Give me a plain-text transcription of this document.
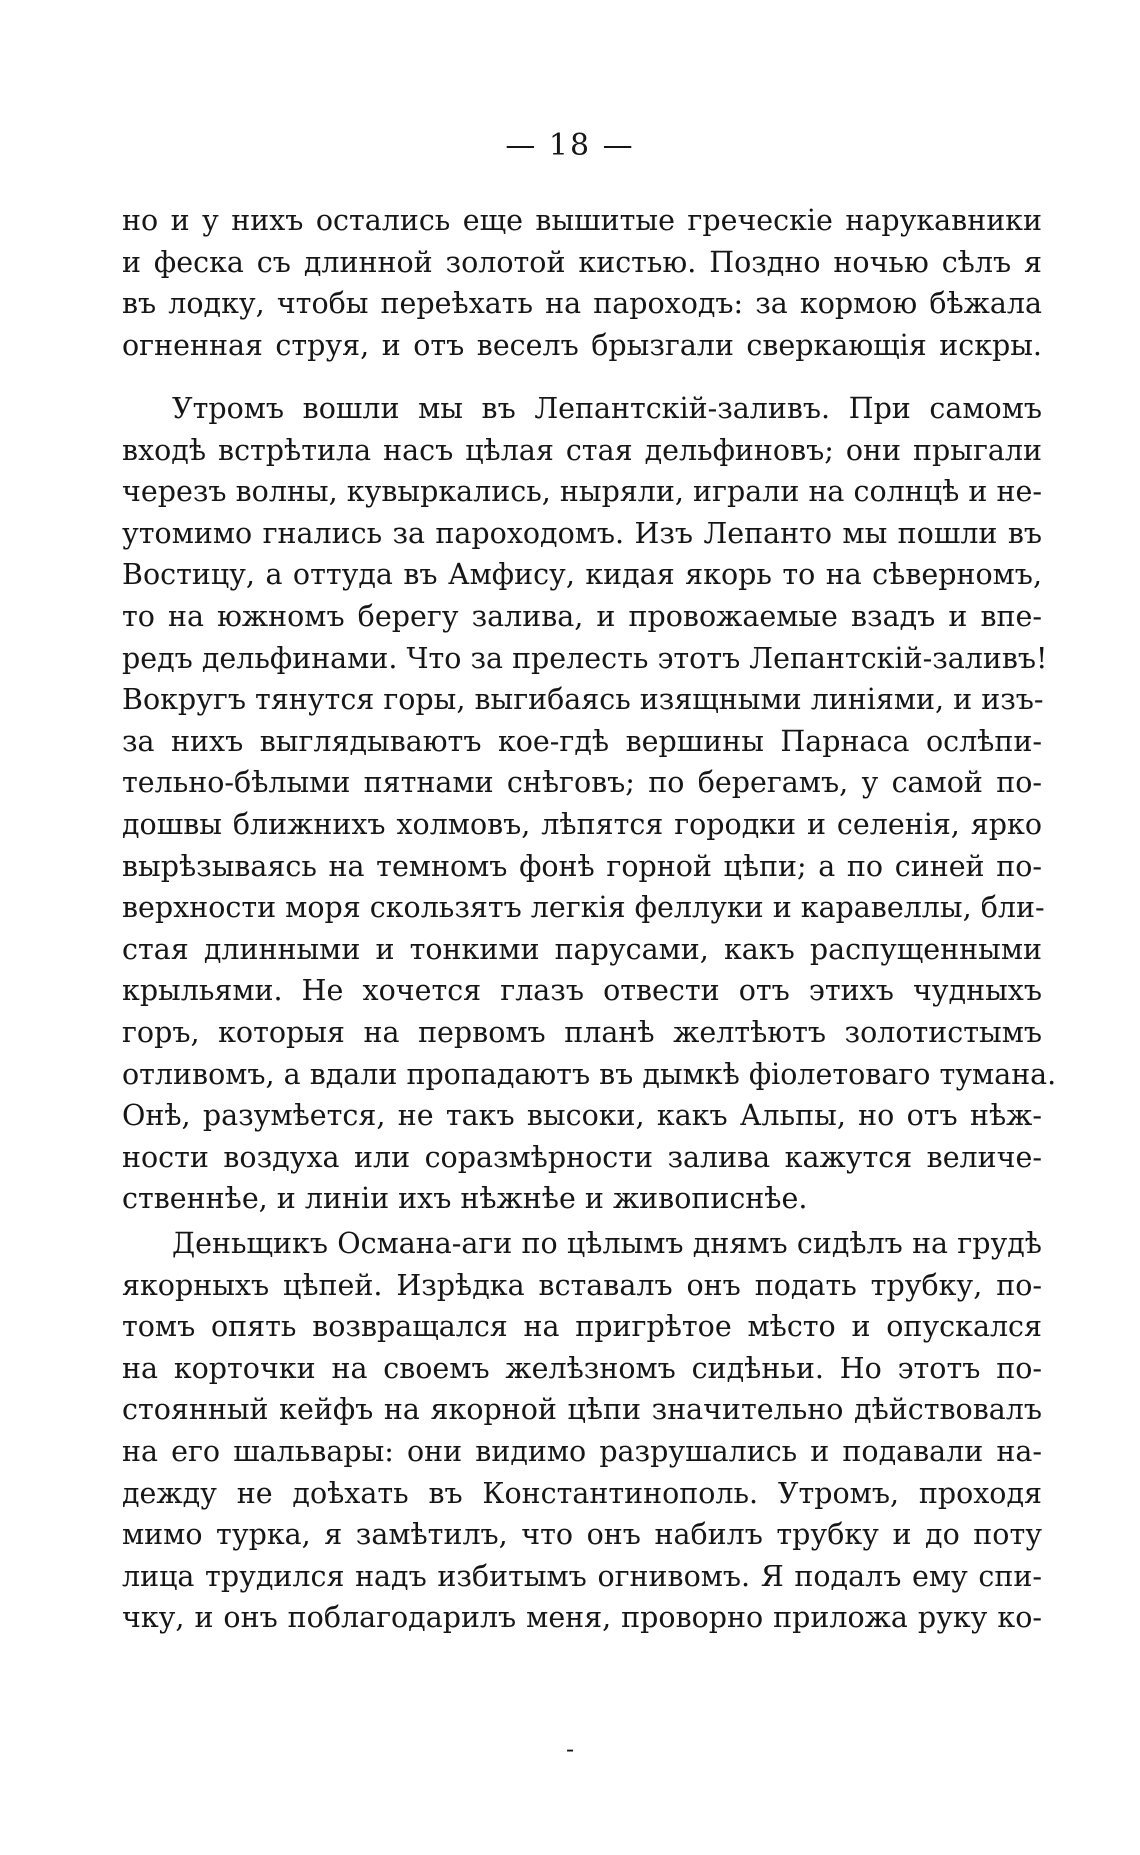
— 18 —
но и у нихъ остались еще вышитые греческіе нарукавники
и феска съ длинной золотой кистью. Поздно ночью сѣлъ я
въ лодку, чтобы переѣхать на пароходъ: за кормою бѣжала
огненная струя, и отъ веселъ брызгали сверкающія искры.
Утромъ вошли мы въ Лепантскій-заливъ. При самомъ
входѣ встрѣтила насъ цѣлая стая дельфиновъ; они прыгали
черезъ волны, кувыркались, ныряли, играли на солнцѣ и не-
утомимо гнались за пароходомъ. Изъ Лепанто мы пошли въ
Востицу, а оттуда въ Амфису, кидая якорь то на сѣверномъ,
то на южномъ берегу залива, и провожаемые взадъ и впе-
редъ дельфинами. Что за прелесть этотъ Лепантскій-заливъ!
Вокругъ тянутся горы, выгибаясь изящными линіями, и изъ-
за нихъ выглядываютъ кое-гдѣ вершины Парнаса ослѣпи-
тельно-бѣлыми пятнами снѣговъ; по берегамъ, у самой по-
дошвы ближнихъ холмовъ, лѣпятся городки и селенія, ярко
вырѣзываясь на темномъ фонѣ горной цѣпи; а по синей по-
верхности моря скользятъ легкія феллуки и каравеллы, бли-
стая длинными и тонкими парусами, какъ распущенными
крыльями. Не хочется глазъ отвести отъ этихъ чудныхъ
горъ, которыя на первомъ планѣ желтѣютъ золотистымъ
отливомъ, а вдали пропадаютъ въ дымкѣ фіолетоваго тумана.
Онѣ, разумѣется, не такъ высоки, какъ Альпы, но отъ нѣж-
ности воздуха или соразмѣрности залива кажутся величе-
ственнѣе, и линіи ихъ нѣжнѣе и живописнѣе.
Деньщикъ Османа-аги по цѣлымъ днямъ сидѣлъ на грудѣ
якорныхъ цѣпей. Изрѣдка вставалъ онъ подать трубку, по-
томъ опять возвращался на пригрѣтое мѣсто и опускался
на корточки на своемъ желѣзномъ сидѣньи. Но этотъ по-
стоянный кейфъ на якорной цѣпи значительно дѣйствовалъ
на его шальвары: они видимо разрушались и подавали на-
дежду не доѣхать въ Константинополь. Утромъ, проходя
мимо турка, я замѣтилъ, что онъ набилъ трубку и до поту
лица трудился надъ избитымъ огнивомъ. Я подалъ ему спи-
чку, и онъ поблагодарилъ меня, проворно приложа руку ко-
-
